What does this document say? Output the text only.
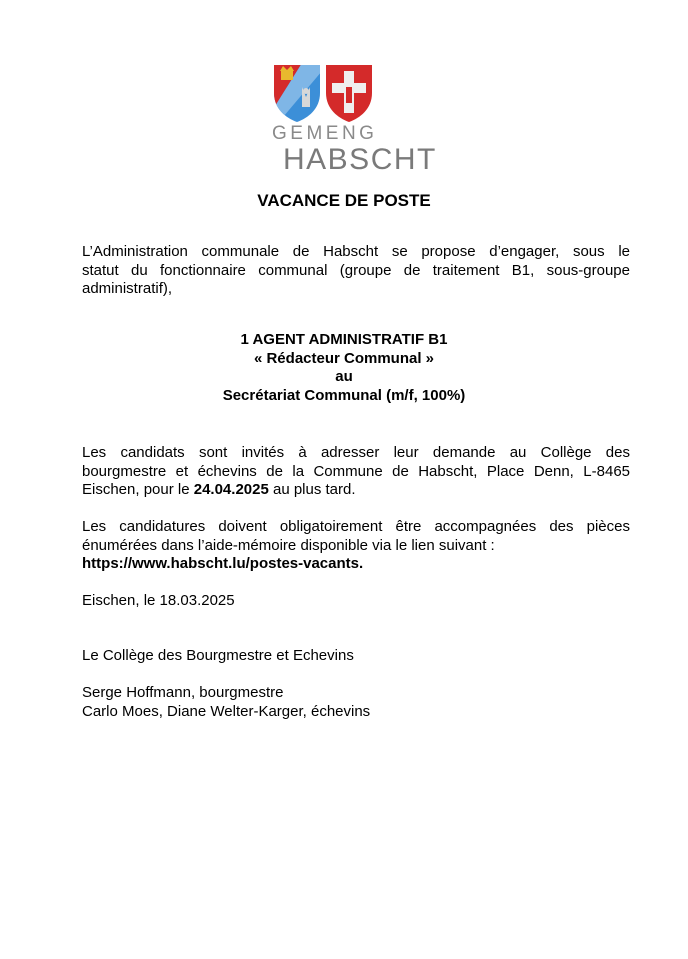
GEMENG
HABSCHT
VACANCE DE POSTE
L’Administration communale de Habscht se propose d’engager, sous le
statut du fonctionnaire communal (groupe de traitement B1, sous-groupe
administratif),
1 AGENT ADMINISTRATIF B1
« Rédacteur Communal »
au
Secrétariat Communal (m/f, 100%)
Les candidats sont invités à adresser leur demande au Collège des
bourgmestre et échevins de la Commune de Habscht, Place Denn, L-8465
Eischen, pour le 24.04.2025 au plus tard.
Les candidatures doivent obligatoirement être accompagnées des pièces
énumérées dans l’aide-mémoire disponible via le lien suivant :
https://www.habscht.lu/postes-vacants.
Eischen, le 18.03.2025
Le Collège des Bourgmestre et Echevins
Serge Hoffmann, bourgmestre
Carlo Moes, Diane Welter-Karger, échevins
